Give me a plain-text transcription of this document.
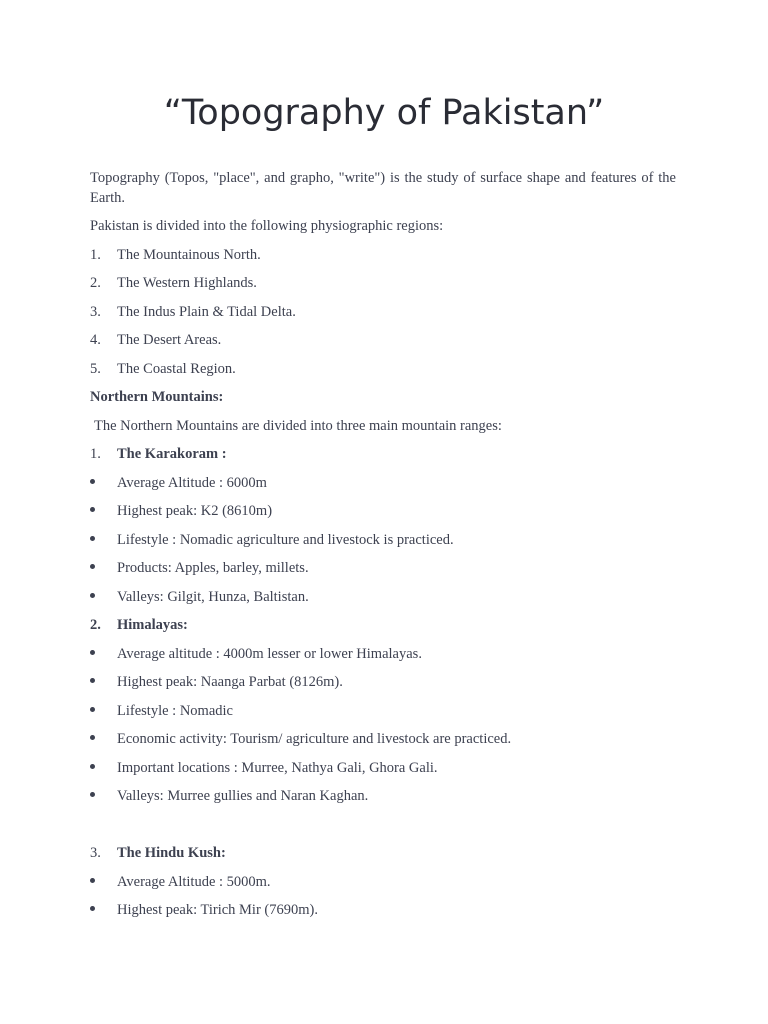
“Topography of Pakistan”

Topography (Topos, "place", and grapho, "write") is the study of surface shape and features of the Earth.

Pakistan is divided into the following physiographic regions:
1. The Mountainous North.
2. The Western Highlands.
3. The Indus Plain & Tidal Delta.
4. The Desert Areas.
5. The Coastal Region.
Northern Mountains:
The Northern Mountains are divided into three main mountain ranges:
1. The Karakoram :
Average Altitude : 6000m
Highest peak: K2 (8610m)
Lifestyle : Nomadic agriculture and livestock is practiced.
Products: Apples, barley, millets.
Valleys: Gilgit, Hunza, Baltistan.
2. Himalayas:
Average altitude : 4000m lesser or lower Himalayas.
Highest peak: Naanga Parbat (8126m).
Lifestyle : Nomadic
Economic activity: Tourism/ agriculture and livestock are practiced.
Important locations : Murree, Nathya Gali, Ghora Gali.
Valleys: Murree gullies and Naran Kaghan.
3. The Hindu Kush:
Average Altitude : 5000m.
Highest peak: Tirich Mir (7690m).
